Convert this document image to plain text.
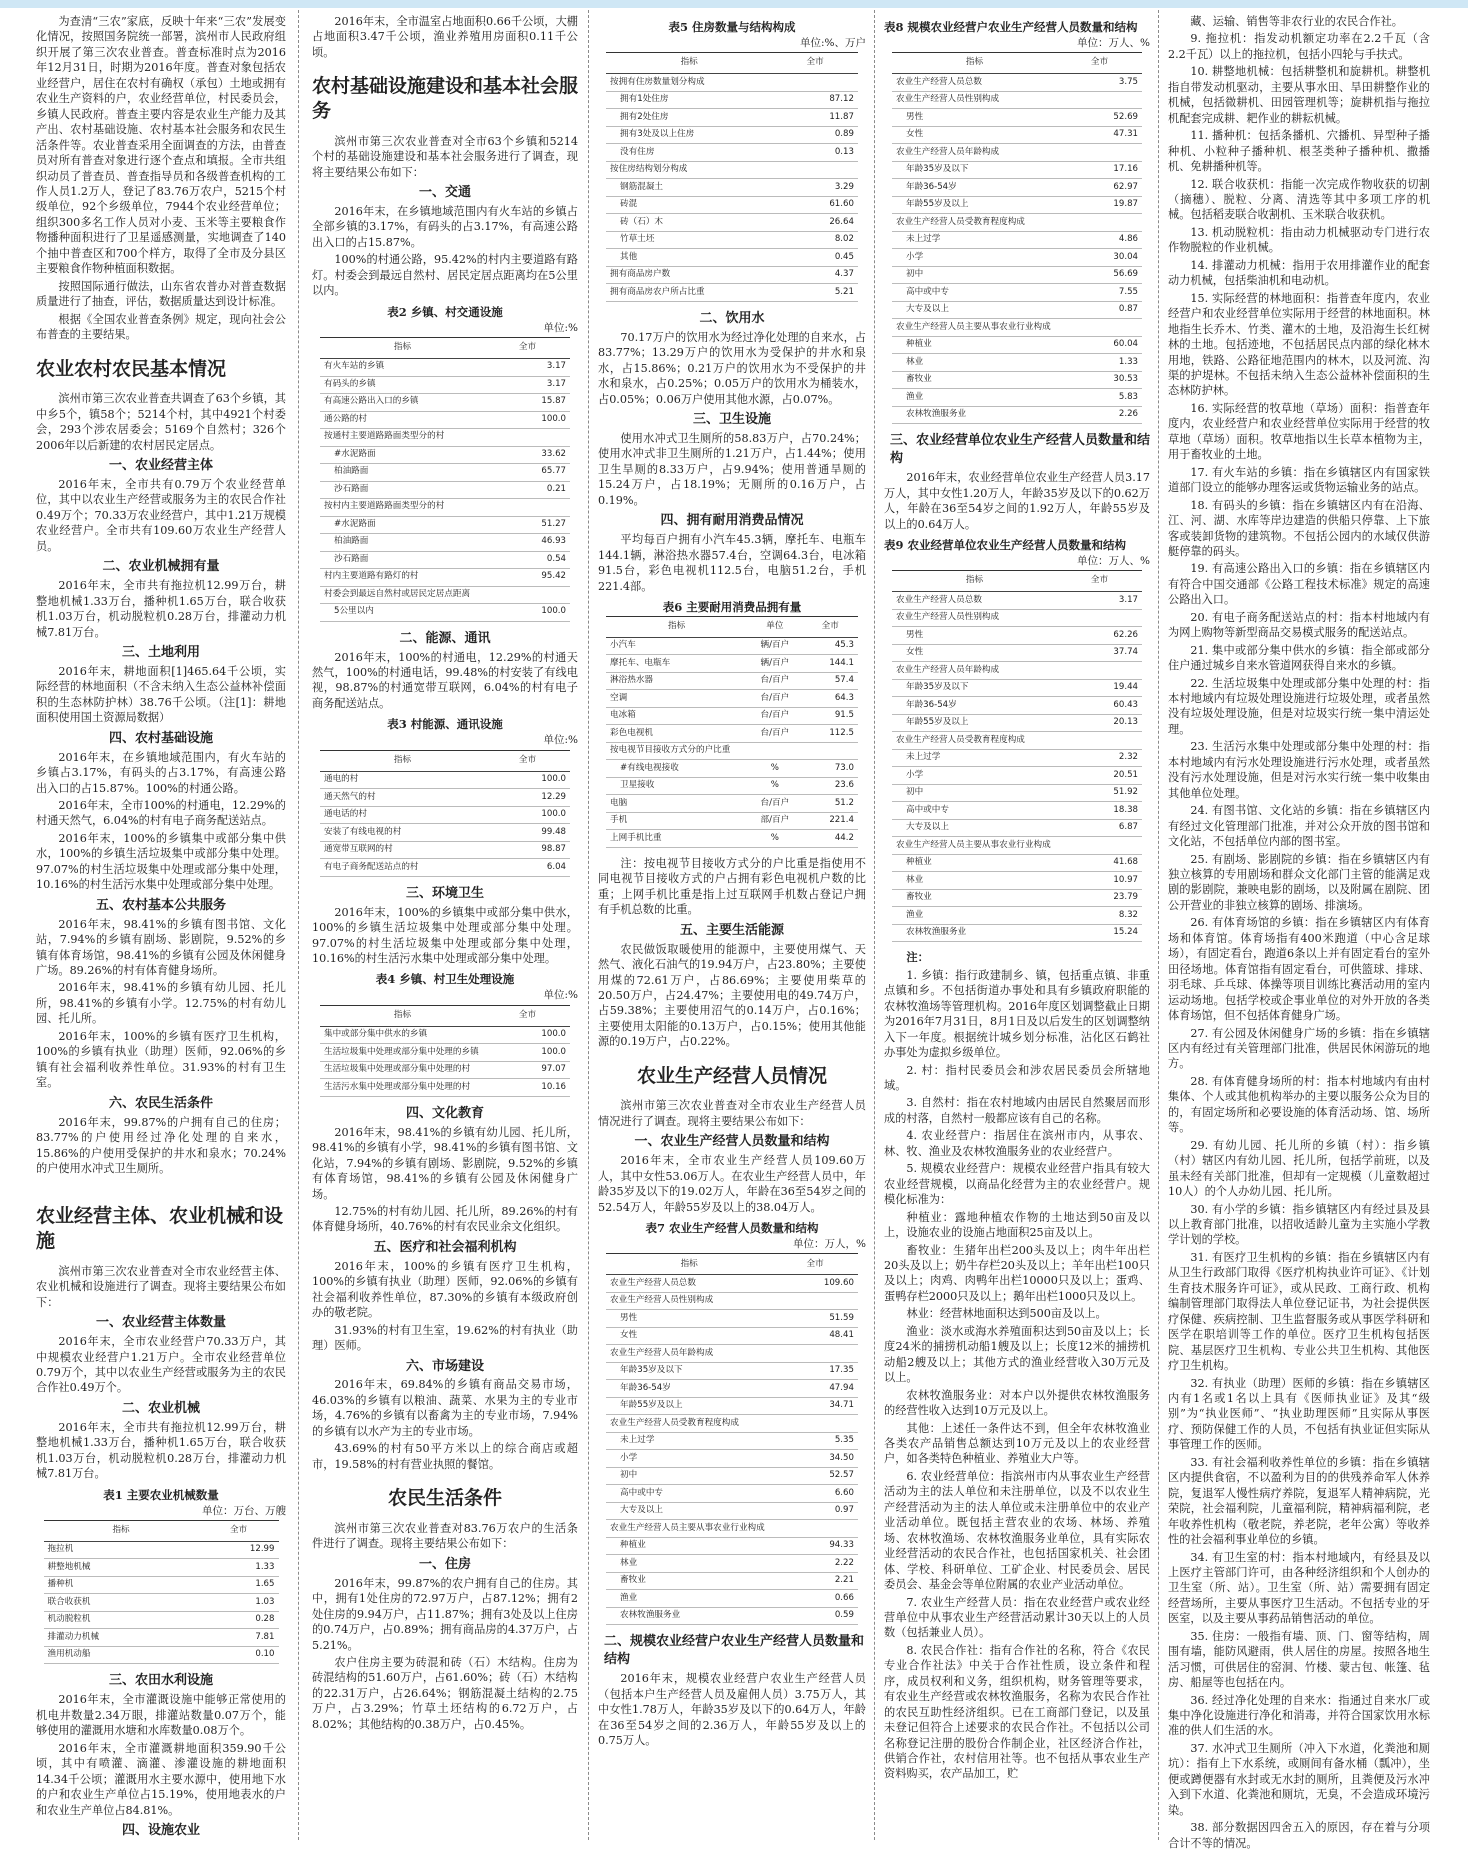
为查清“三农”家底，反映十年来“三农”发展变化情况，按照国务院统一部署，滨州市人民政府组织开展了第三次农业普查。普查标准时点为2016年12月31日，时期为2016年度。普查对象包括农业经营户，居住在农村有确权（承包）土地或拥有农业生产资料的户，农业经营单位，村民委员会，乡镇人民政府。普查主要内容是农业生产能力及其产出、农村基础设施、农村基本社会服务和农民生活条件等。农业普查采用全面调查的方法，由普查员对所有普查对象进行逐个查点和填报。全市共组织动员了普查员、普查指导员和各级普查机构的工作人员1.2万人，登记了83.76万农户，5215个村级单位，92个乡级单位，7944个农业经营单位；组织300多名工作人员对小麦、玉米等主要粮食作物播种面积进行了卫星遥感测量，实地调查了140个抽中普查区和700个样方，取得了全市及分县区主要粮食作物种植面积数据。

按照国际通行做法，山东省农普办对普查数据质量进行了抽查，评估，数据质量达到设计标准。

根据《全国农业普查条例》规定，现向社会公布普查的主要结果。

农业农村农民基本情况

滨州市第三次农业普查共调查了63个乡镇，其中乡5个，镇58个；5214个村，其中4921个村委会，293个涉农居委会；5169个自然村；326个2006年以后新建的农村居民定居点。

一、农业经营主体

2016年末，全市共有0.79万个农业经营单位，其中以农业生产经营或服务为主的农民合作社0.49万个；70.33万农业经营户，其中1.21万规模农业经营户。全市共有109.60万农业生产经营人员。

二、农业机械拥有量

2016年末，全市共有拖拉机12.99万台，耕整地机械1.33万台，播种机1.65万台，联合收获机1.03万台，机动脱粒机0.28万台，排灌动力机械7.81万台。

三、土地利用

2016年末，耕地面积[1]465.64千公顷，实际经营的林地面积（不含未纳入生态公益林补偿面积的生态林防护林）38.76千公顷。（注[1]：耕地面积使用国土资源局数据）

四、农村基础设施

2016年末，在乡镇地域范围内，有火车站的乡镇占3.17%，有码头的占3.17%，有高速公路出入口的占15.87%。100%的村通公路。

2016年末，全市100%的村通电，12.29%的村通天然气，6.04%的村有电子商务配送站点。

2016年末，100%的乡镇集中或部分集中供水，100%的乡镇生活垃圾集中或部分集中处理。97.07%的村生活垃圾集中处理或部分集中处理，10.16%的村生活污水集中处理或部分集中处理。

五、农村基本公共服务

2016年末，98.41%的乡镇有图书馆、文化站，7.94%的乡镇有剧场、影剧院，9.52%的乡镇有体育场馆，98.41%的乡镇有公园及休闲健身广场。89.26%的村有体育健身场所。

2016年末，98.41%的乡镇有幼儿园、托儿所，98.41%的乡镇有小学。12.75%的村有幼儿园、托儿所。

2016年末，100%的乡镇有医疗卫生机构，100%的乡镇有执业（助理）医师，92.06%的乡镇有社会福利收养性单位。31.93%的村有卫生室。

六、农民生活条件

2016年末，99.87%的户拥有自己的住房；83.77%的户使用经过净化处理的自来水，15.86%的户使用受保护的井水和泉水；70.24%的户使用水冲式卫生厕所。

农业经营主体、农业机械和设施

滨州市第三次农业普查对全市农业经营主体、农业机械和设施进行了调查。现将主要结果公布如下：

一、农业经营主体数量

2016年末，全市农业经营户70.33万户，其中规模农业经营户1.21万户。全市农业经营单位0.79万个，其中以农业生产经营或服务为主的农民合作社0.49万个。

二、农业机械

2016年末，全市共有拖拉机12.99万台，耕整地机械1.33万台，播种机1.65万台，联合收获机1.03万台，机动脱粒机0.28万台，排灌动力机械7.81万台。

表1 主要农业机械数量
单位：万台、万艘
指标	全市
拖拉机	12.99
耕整地机械	1.33
播种机	1.65
联合收获机	1.03
机动脱粒机	0.28
排灌动力机械	7.81
渔用机动船	0.10
三、农田水利设施

2016年末，全市灌溉设施中能够正常使用的机电井数量2.34万眼，排灌站数量0.07万个，能够使用的灌溉用水塘和水库数量0.08万个。

2016年末，全市灌溉耕地面积359.90千公顷，其中有喷灌、滴灌、渗灌设施的耕地面积14.34千公顷；灌溉用水主要水源中，使用地下水的户和农业生产单位占15.19%，使用地表水的户和农业生产单位占84.81%。

四、设施农业

2016年末，全市温室占地面积0.66千公顷，大棚占地面积3.47千公顷，渔业养殖用房面积0.11千公顷。

农村基础设施建设和基本社会服务

滨州市第三次农业普查对全市63个乡镇和5214个村的基础设施建设和基本社会服务进行了调查，现将主要结果公布如下：

一、交通

2016年末，在乡镇地域范围内有火车站的乡镇占全部乡镇的3.17%，有码头的占3.17%，有高速公路出入口的占15.87%。

100%的村通公路，95.42%的村内主要道路有路灯。村委会到最远自然村、居民定居点距离均在5公里以内。

表2 乡镇、村交通设施
单位:%
指标	全市
有火车站的乡镇	3.17
有码头的乡镇	3.17
有高速公路出入口的乡镇	15.87
通公路的村	100.0
按通村主要道路路面类型分的村	
#水泥路面	33.62
柏油路面	65.77
沙石路面	0.21
按村内主要道路路面类型分的村	
#水泥路面	51.27
柏油路面	46.93
沙石路面	0.54
村内主要道路有路灯的村	95.42
村委会到最远自然村或居民定居点距离	
5公里以内	100.0
二、能源、通讯

2016年末，100%的村通电，12.29%的村通天然气，100%的村通电话，99.48%的村安装了有线电视，98.87%的村通宽带互联网，6.04%的村有电子商务配送站点。

表3 村能源、通讯设施
单位:%
指标	全市
通电的村	100.0
通天然气的村	12.29
通电话的村	100.0
安装了有线电视的村	99.48
通宽带互联网的村	98.87
有电子商务配送站点的村	6.04
三、环境卫生

2016年末，100%的乡镇集中或部分集中供水，100%的乡镇生活垃圾集中处理或部分集中处理。97.07%的村生活垃圾集中处理或部分集中处理，10.16%的村生活污水集中处理或部分集中处理。

表4 乡镇、村卫生处理设施
单位:%
指标	全市
集中或部分集中供水的乡镇	100.0
生活垃圾集中处理或部分集中处理的乡镇	100.0
生活垃圾集中处理或部分集中处理的村	97.07
生活污水集中处理或部分集中处理的村	10.16
四、文化教育

2016年末，98.41%的乡镇有幼儿园、托儿所，98.41%的乡镇有小学，98.41%的乡镇有图书馆、文化站，7.94%的乡镇有剧场、影剧院，9.52%的乡镇有体育场馆，98.41%的乡镇有公园及休闲健身广场。

12.75%的村有幼儿园、托儿所，89.26%的村有体育健身场所，40.76%的村有农民业余文化组织。

五、医疗和社会福利机构

2016年末，100%的乡镇有医疗卫生机构，100%的乡镇有执业（助理）医师，92.06%的乡镇有社会福利收养性单位，87.30%的乡镇有本级政府创办的敬老院。

31.93%的村有卫生室，19.62%的村有执业（助理）医师。

六、市场建设

2016年末，69.84%的乡镇有商品交易市场，46.03%的乡镇有以粮油、蔬菜、水果为主的专业市场，4.76%的乡镇有以畜禽为主的专业市场，7.94%的乡镇有以水产为主的专业市场。

43.69%的村有50平方米以上的综合商店或超市，19.58%的村有营业执照的餐馆。

农民生活条件

滨州市第三次农业普查对83.76万农户的生活条件进行了调查。现将主要结果公布如下：

一、住房

2016年末，99.87%的农户拥有自己的住房。其中，拥有1处住房的72.97万户，占87.12%；拥有2处住房的9.94万户，占11.87%；拥有3处及以上住房的0.74万户，占0.89%；拥有商品房的4.37万户，占5.21%。

农户住房主要为砖混和砖（石）木结构。住房为砖混结构的51.60万户，占61.60%；砖（石）木结构的22.31万户，占26.64%；钢筋混凝土结构的2.75万户，占3.29%；竹草土坯结构的6.72万户，占8.02%；其他结构的0.38万户，占0.45%。

表5 住房数量与结构构成
单位:%、万户
指标	全市
按拥有住房数量划分构成	
拥有1处住房	87.12
拥有2处住房	11.87
拥有3处及以上住房	0.89
没有住房	0.13
按住房结构划分构成	
钢筋混凝土	3.29
砖混	61.60
砖（石）木	26.64
竹草土坯	8.02
其他	0.45
拥有商品房户数	4.37
拥有商品房农户所占比重	5.21
二、饮用水

70.17万户的饮用水为经过净化处理的自来水，占83.77%；13.29万户的饮用水为受保护的井水和泉水，占15.86%；0.21万户的饮用水为不受保护的井水和泉水，占0.25%；0.05万户的饮用水为桶装水，占0.05%；0.06万户使用其他水源，占0.07%。

三、卫生设施

使用水冲式卫生厕所的58.83万户，占70.24%；使用水冲式非卫生厕所的1.21万户，占1.44%；使用卫生旱厕的8.33万户，占9.94%；使用普通旱厕的15.24万户，占18.19%；无厕所的0.16万户，占0.19%。

四、拥有耐用消费品情况

平均每百户拥有小汽车45.3辆，摩托车、电瓶车144.1辆，淋浴热水器57.4台，空调64.3台，电冰箱91.5台，彩色电视机112.5台，电脑51.2台，手机221.4部。

表6 主要耐用消费品拥有量
指标	单位	全市
小汽车	辆/百户	45.3
摩托车、电瓶车	辆/百户	144.1
淋浴热水器	台/百户	57.4
空调	台/百户	64.3
电冰箱	台/百户	91.5
彩色电视机	台/百户	112.5
按电视节目接收方式分的户比重		
#有线电视接收	%	73.0
卫星接收	%	23.6
电脑	台/百户	51.2
手机	部/百户	221.4
上网手机比重	%	44.2

注：按电视节目接收方式分的户比重是指使用不同电视节目接收方式的户占拥有彩色电视机户数的比重；上网手机比重是指上过互联网手机数占登记户拥有手机总数的比重。

五、主要生活能源

农民做饭取暖使用的能源中，主要使用煤气、天然气、液化石油气的19.94万户，占23.80%；主要使用煤的72.61万户，占86.69%；主要使用柴草的20.50万户，占24.47%；主要使用电的49.74万户，占59.38%；主要使用沼气的0.14万户，占0.16%；主要使用太阳能的0.13万户，占0.15%；使用其他能源的0.19万户，占0.22%。

农业生产经营人员情况

滨州市第三次农业普查对全市农业生产经营人员情况进行了调查。现将主要结果公布如下：

一、农业生产经营人员数量和结构

2016年末，全市农业生产经营人员109.60万人，其中女性53.06万人。在农业生产经营人员中，年龄35岁及以下的19.02万人，年龄在36至54岁之间的52.54万人，年龄55岁及以上的38.04万人。

表7 农业生产经营人员数量和结构
单位：万人，%
指标	全市
农业生产经营人员总数	109.60
农业生产经营人员性别构成	
男性	51.59
女性	48.41
农业生产经营人员年龄构成	
年龄35岁及以下	17.35
年龄36-54岁	47.94
年龄55岁及以上	34.71
农业生产经营人员受教育程度构成	
未上过学	5.35
小学	34.50
初中	52.57
高中或中专	6.60
大专及以上	0.97
农业生产经营人员主要从事农业行业构成	
种植业	94.33
林业	2.22
畜牧业	2.21
渔业	0.66
农林牧渔服务业	0.59
二、规模农业经营户农业生产经营人员数量和结构

2016年末，规模农业经营户农业生产经营人员（包括本户生产经营人员及雇佣人员）3.75万人，其中女性1.78万人，年龄35岁及以下的0.64万人，年龄在36至54岁之间的2.36万人，年龄55岁及以上的0.75万人。

表8 规模农业经营户农业生产经营人员数量和结构
单位：万人、%
指标	全市
农业生产经营人员总数	3.75
农业生产经营人员性别构成	
男性	52.69
女性	47.31
农业生产经营人员年龄构成	
年龄35岁及以下	17.16
年龄36-54岁	62.97
年龄55岁及以上	19.87
农业生产经营人员受教育程度构成	
未上过学	4.86
小学	30.04
初中	56.69
高中或中专	7.55
大专及以上	0.87
农业生产经营人员主要从事农业行业构成	
种植业	60.04
林业	1.33
畜牧业	30.53
渔业	5.83
农林牧渔服务业	2.26
三、农业经营单位农业生产经营人员数量和结构

2016年末，农业经营单位农业生产经营人员3.17万人，其中女性1.20万人，年龄35岁及以下的0.62万人，年龄在36至54岁之间的1.92万人，年龄55岁及以上的0.64万人。

表9 农业经营单位农业生产经营人员数量和结构
单位：万人、%
指标	全市
农业生产经营人员总数	3.17
农业生产经营人员性别构成	
男性	62.26
女性	37.74
农业生产经营人员年龄构成	
年龄35岁及以下	19.44
年龄36-54岁	60.43
年龄55岁及以上	20.13
农业生产经营人员受教育程度构成	
未上过学	2.32
小学	20.51
初中	51.92
高中或中专	18.38
大专及以上	6.87
农业生产经营人员主要从事农业行业构成	
种植业	41.68
林业	10.97
畜牧业	23.79
渔业	8.32
农林牧渔服务业	15.24

注：

1. 乡镇：指行政建制乡、镇，包括重点镇、非重点镇和乡。不包括街道办事处和具有乡镇政府职能的农林牧渔场等管理机构。2016年度区划调整截止日期为2016年7月31日，8月1日及以后发生的区划调整纳入下一年度。根据统计城乡划分标准，沾化区石鹤社办事处为虚拟乡级单位。

2. 村：指村民委员会和涉农居民委员会所辖地域。

3. 自然村：指在农村地域内由居民自然聚居而形成的村落，自然村一般都应该有自己的名称。

4. 农业经营户：指居住在滨州市内，从事农、林、牧、渔业及农林牧渔服务业的农业经营户。

5. 规模农业经营户：规模农业经营户指具有较大农业经营规模，以商品化经营为主的农业经营户。规模化标准为：

种植业：露地种植农作物的土地达到50亩及以上，设施农业的设施占地面积25亩及以上。

畜牧业：生猪年出栏200头及以上；肉牛年出栏20头及以上；奶牛存栏20头及以上；羊年出栏100只及以上；肉鸡、肉鸭年出栏10000只及以上；蛋鸡、蛋鸭存栏2000只及以上；鹅年出栏1000只及以上。

林业：经营林地面积达到500亩及以上。

渔业：淡水或海水养殖面积达到50亩及以上；长度24米的捕捞机动船1艘及以上；长度12米的捕捞机动船2艘及以上；其他方式的渔业经营收入30万元及以上。

农林牧渔服务业：对本户以外提供农林牧渔服务的经营性收入达到10万元及以上。

其他：上述任一条件达不到，但全年农林牧渔业各类农产品销售总额达到10万元及以上的农业经营户，如各类特色种植业、养殖业大户等。

6. 农业经营单位：指滨州市内从事农业生产经营活动为主的法人单位和未注册单位，以及不以农业生产经营活动为主的法人单位或未注册单位中的农业产业活动单位。既包括主营农业的农场、林场、养殖场、农林牧渔场、农林牧渔服务业单位，具有实际农业经营活动的农民合作社，也包括国家机关、社会团体、学校、科研单位、工矿企业、村民委员会、居民委员会、基金会等单位附属的农业产业活动单位。

7. 农业生产经营人员：指在农业经营户或农业经营单位中从事农业生产经营活动累计30天以上的人员数（包括兼业人员）。

8. 农民合作社：指有合作社的名称，符合《农民专业合作社法》中关于合作社性质，设立条件和程序，成员权利和义务，组织机构，财务管理等要求，有农业生产经营或农林牧渔服务，名称为农民合作社的农民互助性经济组织。已在工商部门登记，以及虽未登记但符合上述要求的农民合作社。不包括以公司名称登记注册的股份合作制企业，社区经济合作社，供销合作社，农村信用社等。也不包括从事农业生产资料购买，农产品加工，贮

藏、运输、销售等非农行业的农民合作社。

9. 拖拉机：指发动机额定功率在2.2千瓦（含2.2千瓦）以上的拖拉机，包括小四轮与手扶式。

10. 耕整地机械：包括耕整机和旋耕机。耕整机指自带发动机驱动，主要从事水田、旱田耕整作业的机械，包括微耕机、田园管理机等；旋耕机指与拖拉机配套完成耕、耙作业的耕耘机械。

11. 播种机：包括条播机、穴播机、异型种子播种机、小粒种子播种机、根茎类种子播种机、撒播机、免耕播种机等。

12. 联合收获机：指能一次完成作物收获的切割（摘穗）、脱粒、分离、清选等其中多项工序的机械。包括稻麦联合收割机、玉米联合收获机。

13. 机动脱粒机：指由动力机械驱动专门进行农作物脱粒的作业机械。

14. 排灌动力机械：指用于农用排灌作业的配套动力机械，包括柴油机和电动机。

15. 实际经营的林地面积：指普查年度内，农业经营户和农业经营单位实际用于经营的林地面积。林地指生长乔木、竹类、灌木的土地，及沿海生长红树林的土地。包括迹地，不包括居民点内部的绿化林木用地，铁路、公路征地范围内的林木，以及河流、沟渠的护堤林。不包括未纳入生态公益林补偿面积的生态林防护林。

16. 实际经营的牧草地（草场）面积：指普查年度内，农业经营户和农业经营单位实际用于经营的牧草地（草场）面积。牧草地指以生长草本植物为主，用于畜牧业的土地。

17. 有火车站的乡镇：指在乡镇辖区内有国家铁道部门设立的能够办理客运或货物运输业务的站点。

18. 有码头的乡镇：指在乡镇辖区内有在沿海、江、河、湖、水库等岸边建造的供船只停靠、上下旅客或装卸货物的建筑物。不包括公园内的水域仅供游艇停靠的码头。

19. 有高速公路出入口的乡镇：指在乡镇辖区内有符合中国交通部《公路工程技术标准》规定的高速公路出入口。

20. 有电子商务配送站点的村：指本村地域内有为网上购物等新型商品交易模式服务的配送站点。

21. 集中或部分集中供水的乡镇：指全部或部分住户通过城乡自来水管道网获得自来水的乡镇。

22. 生活垃圾集中处理或部分集中处理的村：指本村地域内有垃圾处理设施进行垃圾处理，或者虽然没有垃圾处理设施，但是对垃圾实行统一集中清运处理。

23. 生活污水集中处理或部分集中处理的村：指本村地域内有污水处理设施进行污水处理，或者虽然没有污水处理设施，但是对污水实行统一集中收集由其他单位处理。

24. 有图书馆、文化站的乡镇：指在乡镇辖区内有经过文化管理部门批准，并对公众开放的图书馆和文化站，不包括单位内部的图书室。

25. 有剧场、影剧院的乡镇：指在乡镇辖区内有独立核算的专用剧场和群众文化部门主管的能满足戏剧的影剧院，兼映电影的剧场，以及附属在剧院、团公开营业的非独立核算的剧场、排演场。

26. 有体育场馆的乡镇：指在乡镇辖区内有体育场和体育馆。体育场指有400米跑道（中心含足球场），有固定看台，跑道6条以上并有固定看台的室外田径场地。体育馆指有固定看台，可供篮球、排球、羽毛球、乒乓球、体操等项目训练比赛活动用的室内运动场地。包括学校或企事业单位的对外开放的各类体育场馆，但不包括体育健身广场。

27. 有公园及休闲健身广场的乡镇：指在乡镇辖区内有经过有关管理部门批准，供居民休闲游玩的地方。

28. 有体育健身场所的村：指本村地域内有由村集体、个人或其他机构举办的主要以服务公众为目的的，有固定场所和必要设施的体育活动场、馆、场所等。

29. 有幼儿园、托儿所的乡镇（村）：指乡镇（村）辖区内有幼儿园、托儿所，包括学前班，以及虽未经有关部门批准，但却有一定规模（儿童数超过10人）的个人办幼儿园、托儿所。

30. 有小学的乡镇：指乡镇辖区内有经过县及县以上教育部门批准，以招收适龄儿童为主实施小学教学计划的学校。

31. 有医疗卫生机构的乡镇：指在乡镇辖区内有从卫生行政部门取得《医疗机构执业许可证》、《计划生育技术服务许可证》，或从民政、工商行政、机构编制管理部门取得法人单位登记证书，为社会提供医疗保健、疾病控制、卫生监督服务或从事医学科研和医学在职培训等工作的单位。医疗卫生机构包括医院、基层医疗卫生机构、专业公共卫生机构、其他医疗卫生机构。

32. 有执业（助理）医师的乡镇：指在乡镇辖区内有1名或1名以上具有《医师执业证》及其“级别”为“执业医师”、“执业助理医师”且实际从事医疗、预防保健工作的人员，不包括有执业证但实际从事管理工作的医师。

33. 有社会福利收养性单位的乡镇：指在乡镇辖区内提供食宿，不以盈利为目的的供残养命军人休养院，复退军人慢性病疗养院，复退军人精神病院，光荣院，社会福利院，儿童福利院，精神病福利院，老年收养性机构（敬老院，养老院，老年公寓）等收养性的社会福利事业单位的乡镇。

34. 有卫生室的村：指本村地域内，有经县及以上医疗主管部门许可，由各种经济组织和个人创办的卫生室（所、站）。卫生室（所、站）需要拥有固定经营场所，主要从事医疗卫生活动。不包括专业的牙医室，以及主要从事药品销售活动的单位。

35. 住房：一般指有墙、顶、门、窗等结构，周围有墙，能防风避雨，供人居住的房屋。按照各地生活习惯，可供居住的窑洞、竹楼、蒙古包、帐篷、毡房、船屋等也包括在内。

36. 经过净化处理的自来水：指通过自来水厂或集中净化设施进行净化和消毒，并符合国家饮用水标准的供人们生活的水。

37. 水冲式卫生厕所（冲入下水道，化粪池和厕坑）：指有上下水系统，或厕间有备水桶（瓢冲），坐便或蹲便器有水封或无水封的厕所，且粪便及污水冲入到下水道、化粪池和厕坑，无臭，不会造成环境污染。

38. 部分数据因四舍五入的原因，存在着与分项合计不等的情况。
